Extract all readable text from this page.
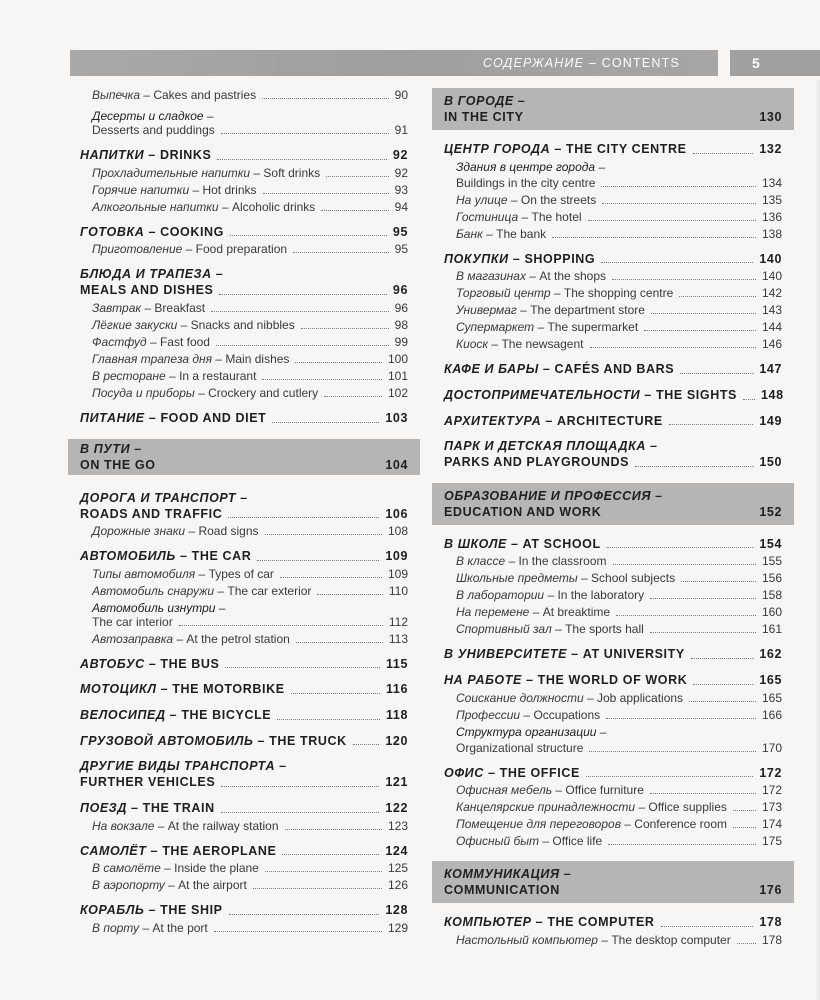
СОДЕРЖАНИЕ – CONTENTS	5
Выпечка – Cakes and pastries	90
Десерты и сладкое –
Desserts and puddings	91
НАПИТКИ – DRINKS	92
Прохладительные напитки – Soft drinks	92
Горячие напитки – Hot drinks	93
Алкогольные напитки – Alcoholic drinks	94
ГОТОВКА – COOKING	95
Приготовление – Food preparation	95
БЛЮДА И ТРАПЕЗА –
MEALS AND DISHES	96
Завтрак – Breakfast	96
Лёгкие закуски – Snacks and nibbles	98
Фастфуд – Fast food	99
Главная трапеза дня – Main dishes	100
В ресторане – In a restaurant	101
Посуда и приборы – Crockery and cutlery	102
ПИТАНИЕ – FOOD AND DIET	103
В ПУТИ –
ON THE GO	104
ДОРОГА И ТРАНСПОРТ –
ROADS AND TRAFFIC	106
Дорожные знаки – Road signs	108
АВТОМОБИЛЬ – THE CAR	109
Типы автомобиля – Types of car	109
Автомобиль снаружи – The car exterior	110
Автомобиль изнутри –
The car interior	112
Автозаправка – At the petrol station	113
АВТОБУС – THE BUS	115
МОТОЦИКЛ – THE MOTORBIKE	116
ВЕЛОСИПЕД – THE BICYCLE	118
ГРУЗОВОЙ АВТОМОБИЛЬ – THE TRUCK	120
ДРУГИЕ ВИДЫ ТРАНСПОРТА –
FURTHER VEHICLES	121
ПОЕЗД – THE TRAIN	122
На вокзале – At the railway station	123
САМОЛЁТ – THE AEROPLANE	124
В самолёте – Inside the plane	125
В аэропорту – At the airport	126
КОРАБЛЬ – THE SHIP	128
В порту – At the port	129
В ГОРОДЕ –
IN THE CITY	130
ЦЕНТР ГОРОДА – THE CITY CENTRE	132
Здания в центре города –
Buildings in the city centre	134
На улице – On the streets	135
Гостиница – The hotel	136
Банк – The bank	138
ПОКУПКИ – SHOPPING	140
В магазинах – At the shops	140
Торговый центр – The shopping centre	142
Универмаг – The department store	143
Супермаркет – The supermarket	144
Киоск – The newsagent	146
КАФЕ И БАРЫ – CAFÉS AND BARS	147
ДОСТОПРИМЕЧАТЕЛЬНОСТИ – THE SIGHTS 148
АРХИТЕКТУРА – ARCHITECTURE	149
ПАРК И ДЕТСКАЯ ПЛОЩАДКА –
PARKS AND PLAYGROUNDS	150
ОБРАЗОВАНИЕ И ПРОФЕССИЯ –
EDUCATION AND WORK	152
В ШКОЛЕ – AT SCHOOL	154
В классе – In the classroom	155
Школьные предметы – School subjects	156
В лаборатории – In the laboratory	158
На перемене – At breaktime	160
Спортивный зал – The sports hall	161
В УНИВЕРСИТЕТЕ – AT UNIVERSITY	162
НА РАБОТЕ – THE WORLD OF WORK	165
Соискание должности – Job applications	165
Профессии – Occupations	166
Структура организации –
Organizational structure	170
ОФИС – THE OFFICE	172
Офисная мебель – Office furniture	172
Канцелярские принадлежности – Office supplies	173
Помещение для переговоров – Conference room	174
Офисный быт – Office life	175
КОММУНИКАЦИЯ –
COMMUNICATION	176
КОМПЬЮТЕР – THE COMPUTER	178
Настольный компьютер – The desktop computer	178
